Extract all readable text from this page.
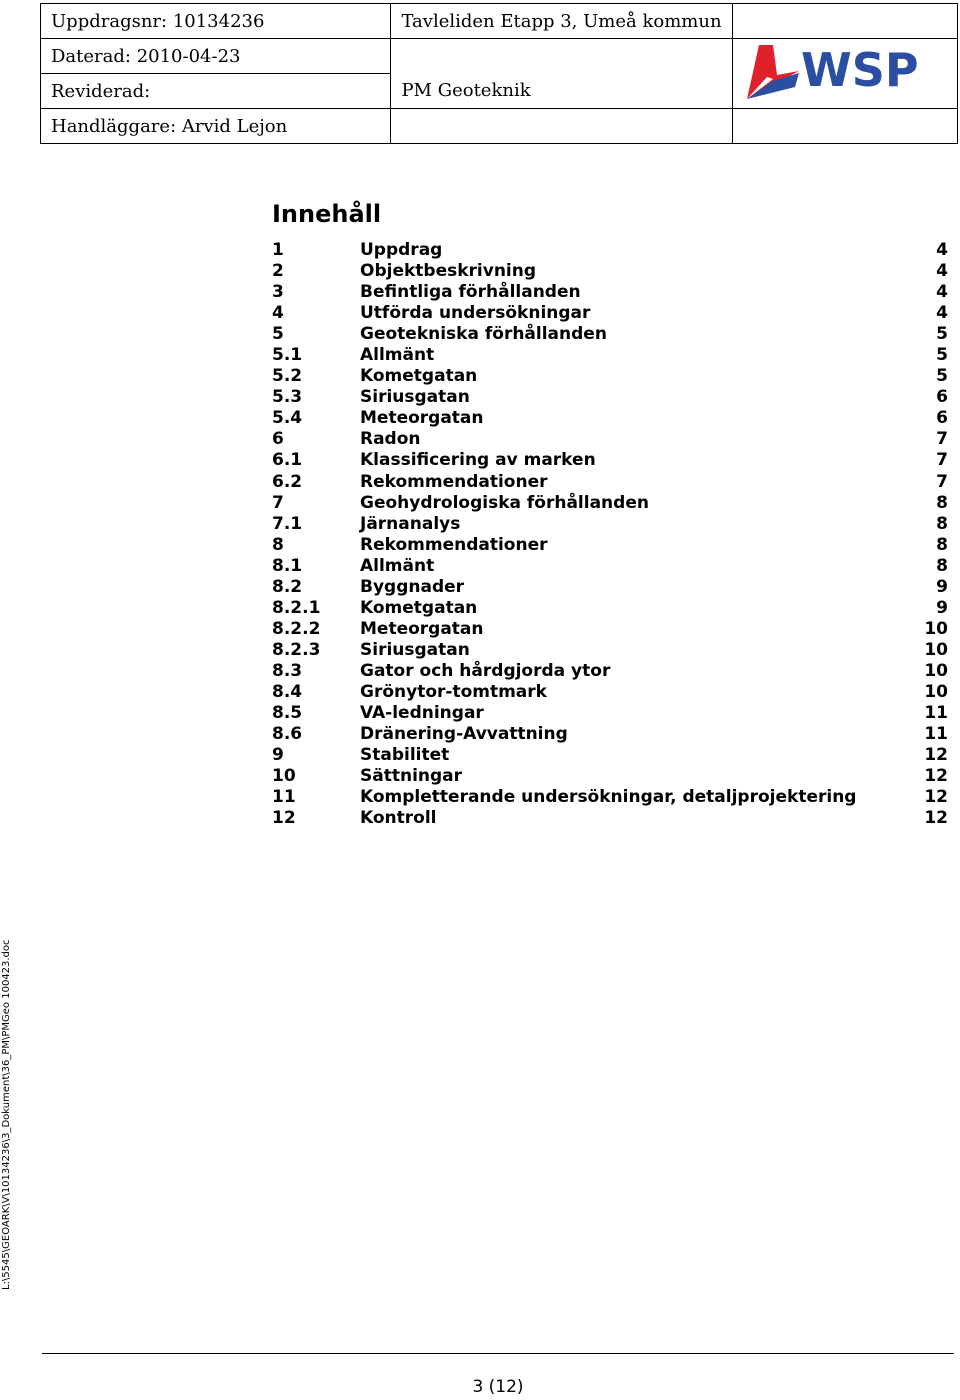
Uppdragsnr: 10134236	Tavleliden Etapp 3, Umeå kommun	
Daterad: 2010-04-23		WSP

Reviderad:	PM Geoteknik	
Handläggare: Arvid Lejon		
Innehåll
1	Uppdrag	4
2	Objektbeskrivning	4
3	Befintliga förhållanden	4
4	Utförda undersökningar	4
5	Geotekniska förhållanden	5
5.1	Allmänt	5
5.2	Kometgatan	5
5.3	Siriusgatan	6
5.4	Meteorgatan	6
6	Radon	7
6.1	Klassificering av marken	7
6.2	Rekommendationer	7
7	Geohydrologiska förhållanden	8
7.1	Järnanalys	8
8	Rekommendationer	8
8.1	Allmänt	8
8.2	Byggnader	9
8.2.1 Kometgatan	9
8.2.2 Meteorgatan	10
8.2.3 Siriusgatan	10
8.3	Gator och hårdgjorda ytor	10
8.4	Grönytor-tomtmark	10
8.5	VA-ledningar	11
8.6	Dränering-Avvattning	11
9	Stabilitet	12
10	Sättningar	12
11	Kompletterande undersökningar, detaljprojektering	12
12	Kontroll	12
L:\5545\GEOARK\V\10134236\3_Dokument\36_PM\PMGeo 100423.doc
3 (12)
